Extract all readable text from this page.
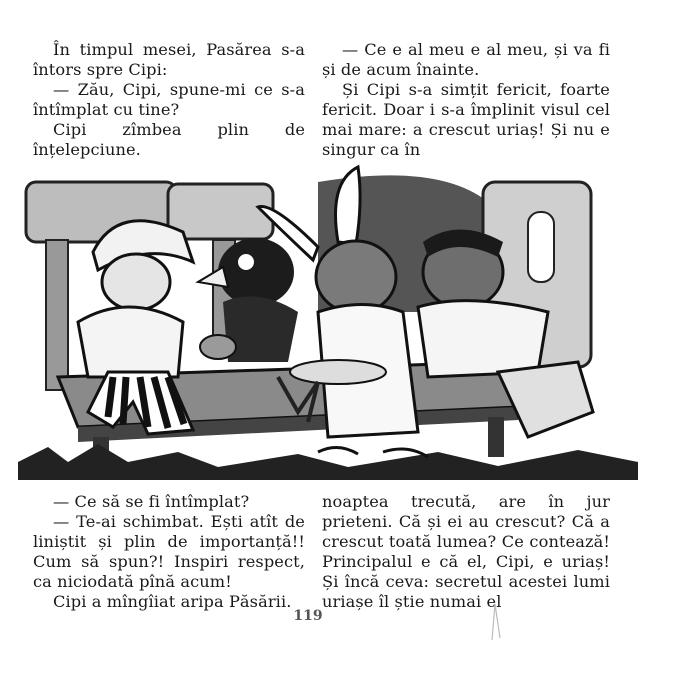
În timpul mesei, Pasărea s-a întors spre Cipi:

— Zău, Cipi, spune-mi ce s-a întîmplat cu tine?

Cipi zîmbea plin de înțelepciune.

— Ce e al meu e al meu, și va fi și de acum înainte.

Și Cipi s-a simțit fericit, foarte fericit. Doar i s-a împlinit visul cel mai mare: a crescut uriaș! Și nu e singur ca în

— Ce să se fi întîmplat?

— Te-ai schimbat. Ești atît de liniștit și plin de importanță!! Cum să spun?! Inspiri respect, ca niciodată pînă acum!

Cipi a mîngîiat aripa Păsării.

noaptea trecută, are în jur prieteni. Că și ei au crescut? Că a crescut toată lumea? Ce contează! Principalul e că el, Cipi, e uriaș! Și încă ceva: secretul acestei lumi uriașe îl știe numai el

119
